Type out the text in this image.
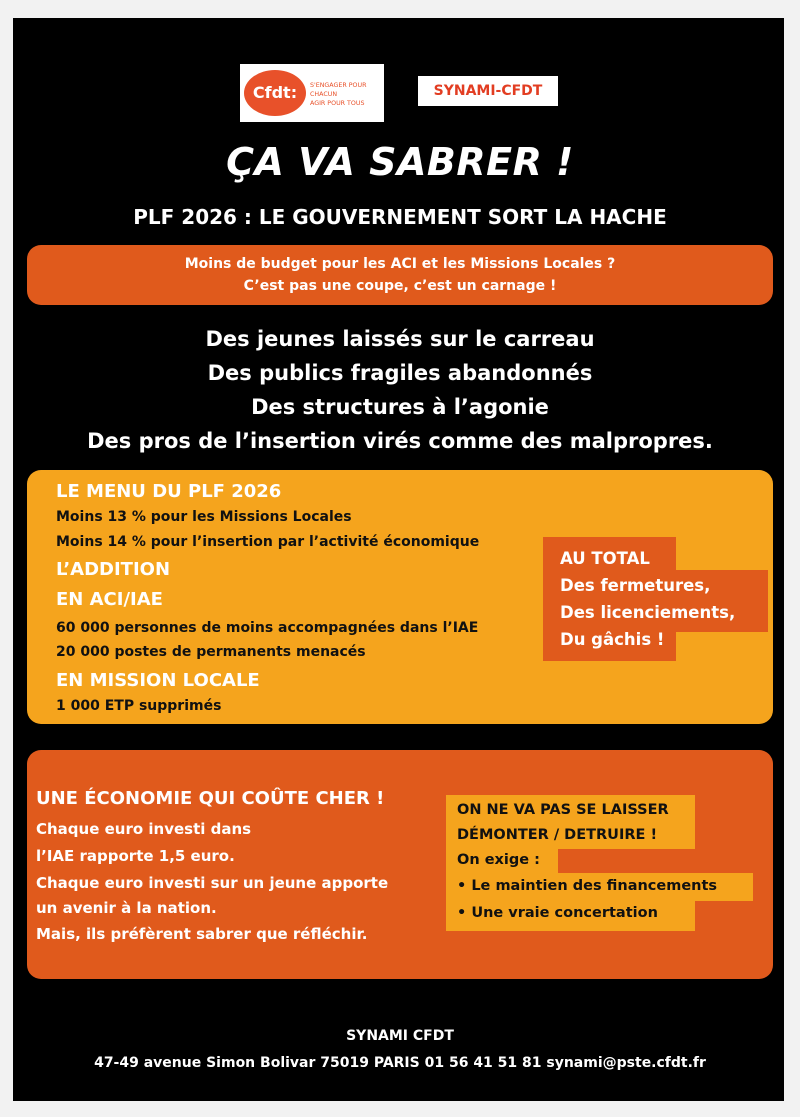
Cfdt:	S'ENGAGER POUR CHACUN
AGIR POUR TOUS
SYNAMI-CFDT
ÇA VA SABRER !
PLF 2026 : LE GOUVERNEMENT SORT LA HACHE
Moins de budget pour les ACI et les Missions Locales ?
C’est pas une coupe, c’est un carnage !
Des jeunes laissés sur le carreau
Des publics fragiles abandonnés
Des structures à l’agonie
Des pros de l’insertion virés comme des malpropres.
LE MENU DU PLF 2026
Moins 13 % pour les Missions Locales
Moins 14 % pour l’insertion par l’activité économique
L’ADDITION
EN ACI/IAE
60 000 personnes de moins accompagnées dans l’IAE
20 000 postes de permanents menacés
EN MISSION LOCALE
1 000 ETP supprimés
AU TOTAL
Des fermetures,
Des licenciements,
Du gâchis !
UNE ÉCONOMIE QUI COÛTE CHER !
Chaque euro investi dans
l’IAE rapporte 1,5 euro.
Chaque euro investi sur un jeune apporte
un avenir à la nation.
Mais, ils préfèrent sabrer que réfléchir.
ON NE VA PAS SE LAISSER
DÉMONTER / DETRUIRE !
On exige :
• Le maintien des financements
• Une vraie concertation
SYNAMI CFDT
47-49 avenue Simon Bolivar 75019 PARIS 01 56 41 51 81 synami@pste.cfdt.fr
